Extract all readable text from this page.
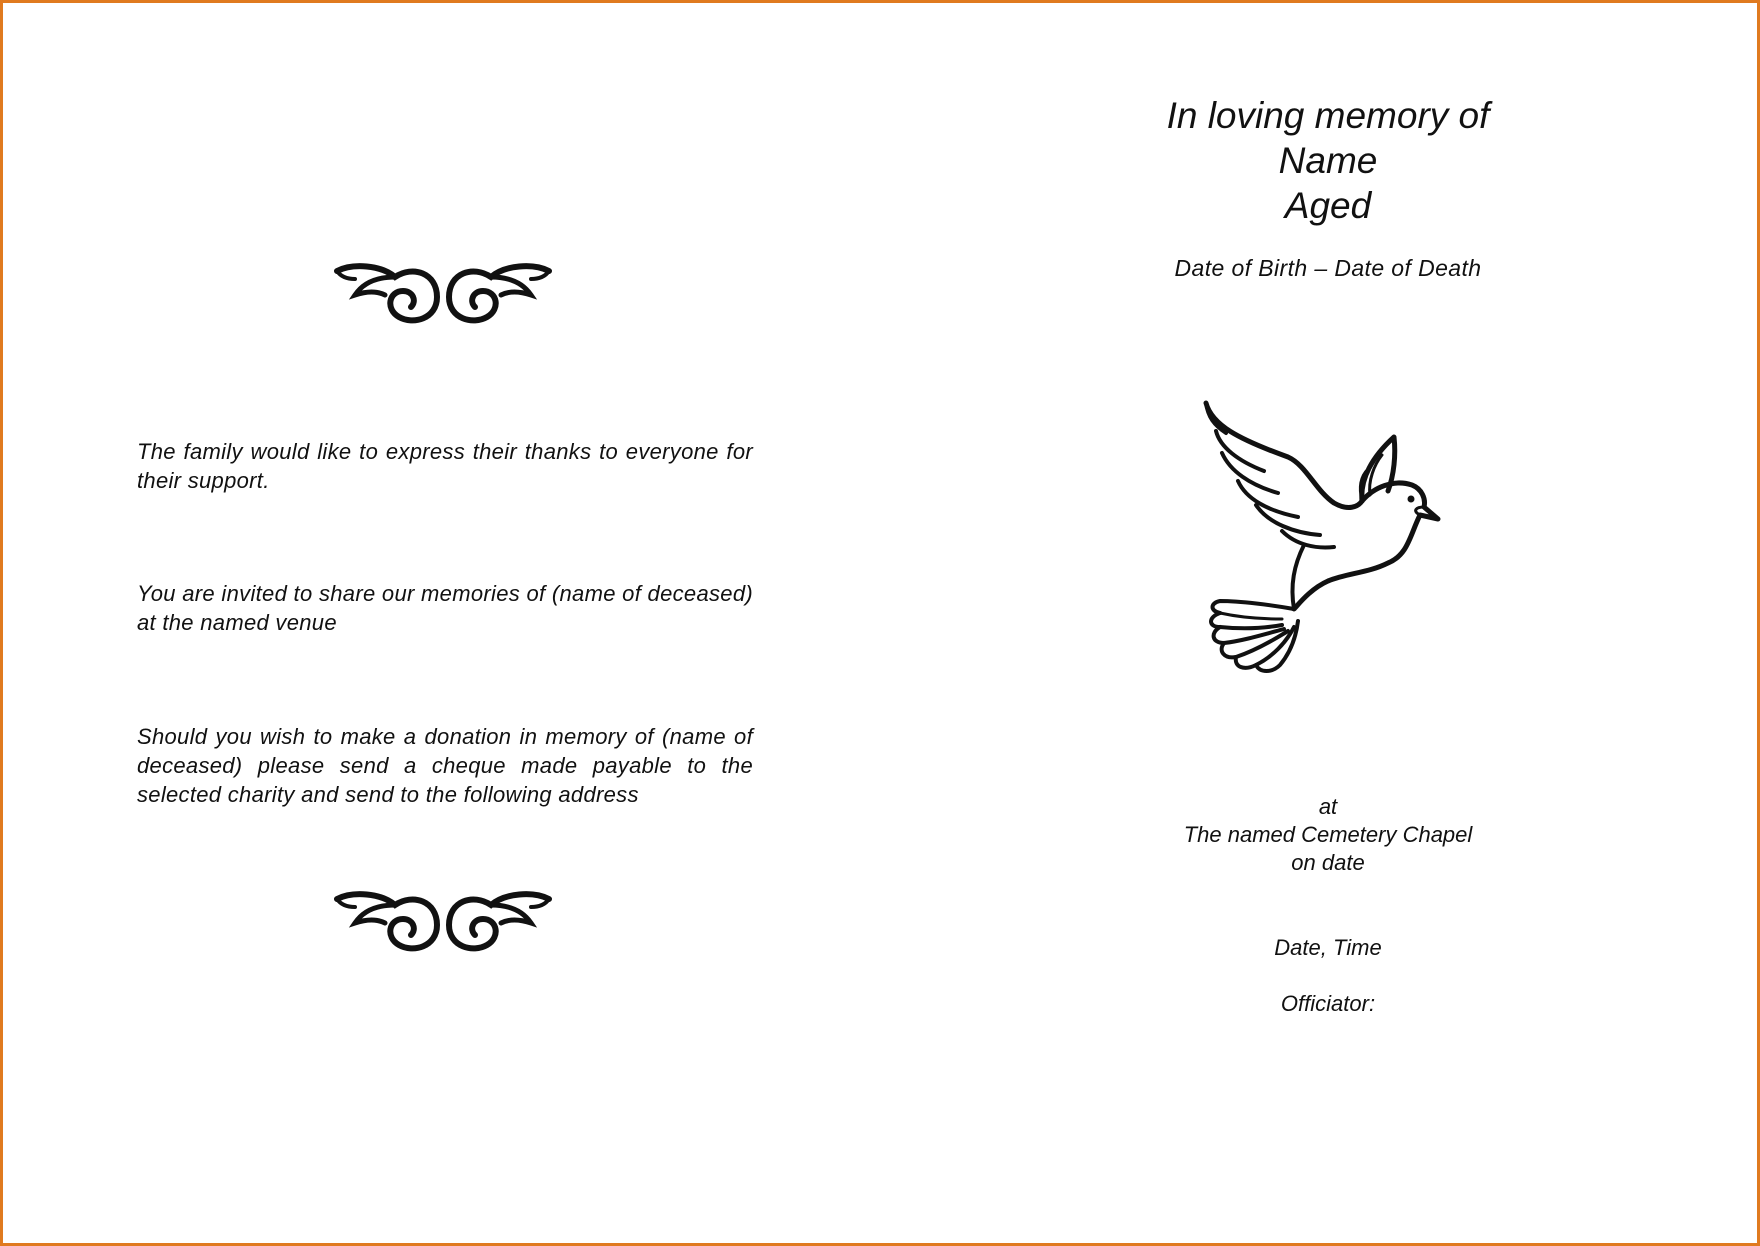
The family would like to express their thanks to everyone for their support.

You are invited to share our memories of (name of deceased) at the named venue

Should you wish to make a donation in memory of (name of deceased) please send a cheque made payable to the selected charity and send to the following address

In loving memory of
Name
Aged
Date of Birth – Date of Death
at
The named Cemetery Chapel
on date
Date, Time
Officiator:
